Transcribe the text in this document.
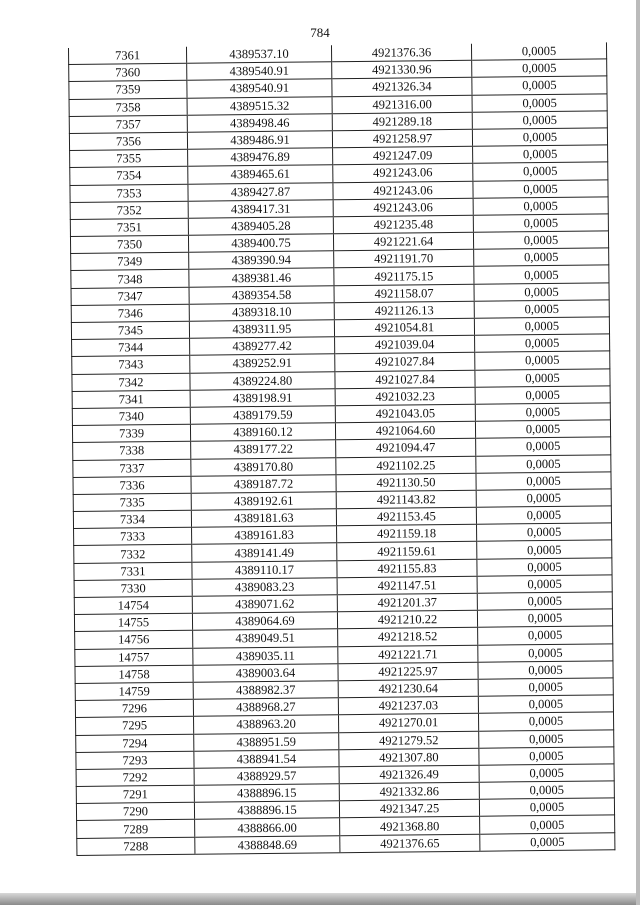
784
7361	4389537.10	4921376.36	0,0005
7360	4389540.91	4921330.96	0,0005
7359	4389540.91	4921326.34	0,0005
7358	4389515.32	4921316.00	0,0005
7357	4389498.46	4921289.18	0,0005
7356	4389486.91	4921258.97	0,0005
7355	4389476.89	4921247.09	0,0005
7354	4389465.61	4921243.06	0,0005
7353	4389427.87	4921243.06	0,0005
7352	4389417.31	4921243.06	0,0005
7351	4389405.28	4921235.48	0,0005
7350	4389400.75	4921221.64	0,0005
7349	4389390.94	4921191.70	0,0005
7348	4389381.46	4921175.15	0,0005
7347	4389354.58	4921158.07	0,0005
7346	4389318.10	4921126.13	0,0005
7345	4389311.95	4921054.81	0,0005
7344	4389277.42	4921039.04	0,0005
7343	4389252.91	4921027.84	0,0005
7342	4389224.80	4921027.84	0,0005
7341	4389198.91	4921032.23	0,0005
7340	4389179.59	4921043.05	0,0005
7339	4389160.12	4921064.60	0,0005
7338	4389177.22	4921094.47	0,0005
7337	4389170.80	4921102.25	0,0005
7336	4389187.72	4921130.50	0,0005
7335	4389192.61	4921143.82	0,0005
7334	4389181.63	4921153.45	0,0005
7333	4389161.83	4921159.18	0,0005
7332	4389141.49	4921159.61	0,0005
7331	4389110.17	4921155.83	0,0005
7330	4389083.23	4921147.51	0,0005
14754	4389071.62	4921201.37	0,0005
14755	4389064.69	4921210.22	0,0005
14756	4389049.51	4921218.52	0,0005
14757	4389035.11	4921221.71	0,0005
14758	4389003.64	4921225.97	0,0005
14759	4388982.37	4921230.64	0,0005
7296	4388968.27	4921237.03	0,0005
7295	4388963.20	4921270.01	0,0005
7294	4388951.59	4921279.52	0,0005
7293	4388941.54	4921307.80	0,0005
7292	4388929.57	4921326.49	0,0005
7291	4388896.15	4921332.86	0,0005
7290	4388896.15	4921347.25	0,0005
7289	4388866.00	4921368.80	0,0005
7288	4388848.69	4921376.65	0,0005
